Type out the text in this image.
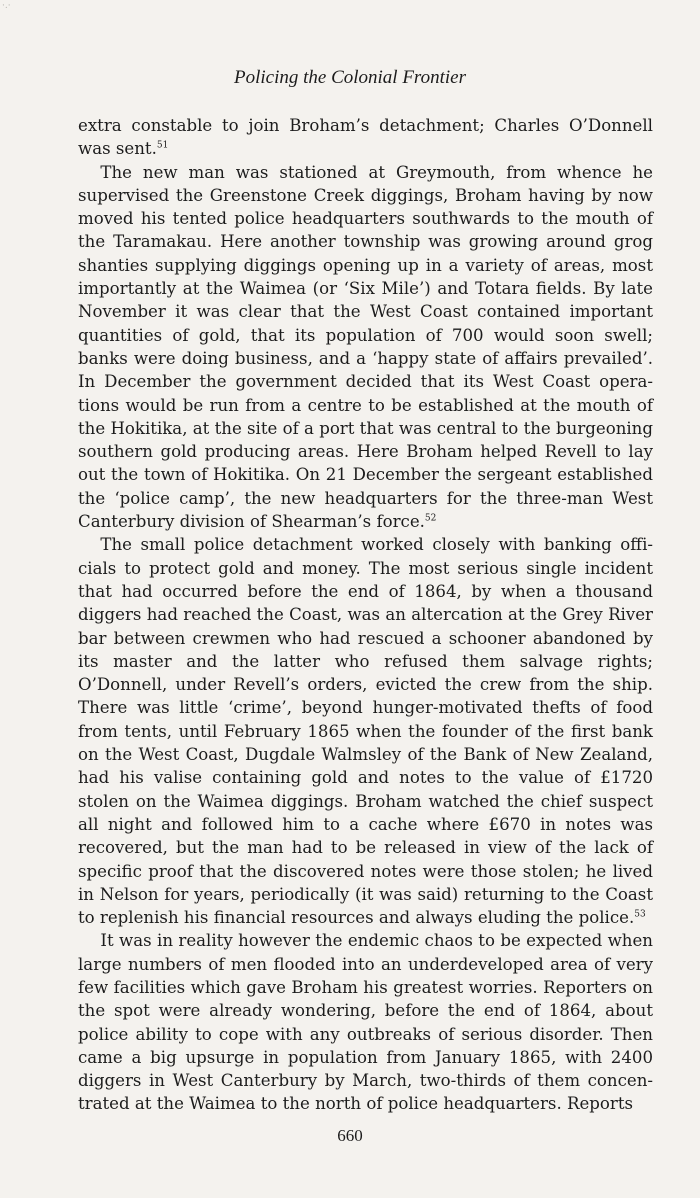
·.·
Policing the Colonial Frontier

extra constable to join Broham’s detachment; Charles O’Donnell was sent.$^{51}$

The new man was stationed at Greymouth, from whence he supervised the Greenstone Creek diggings, Broham having by now moved his tented police headquarters southwards to the mouth of the Taramakau. Here another township was growing around grog shanties supplying diggings opening up in a variety of areas, most importantly at the Waimea (or ‘Six Mile’) and Totara fields. By late November it was clear that the West Coast contained important quantities of gold, that its population of 700 would soon swell; banks were doing business, and a ‘happy state of affairs prevailed’. In December the government decided that its West Coast operations would be run from a centre to be established at the mouth of the Hokitika, at the site of a port that was central to the burgeoning southern gold producing areas. Here Broham helped Revell to lay out the town of Hokitika. On 21 December the sergeant established the ‘police camp’, the new headquarters for the three-man West Canterbury division of Shearman’s force.$^{52}$

The small police detachment worked closely with banking officials to protect gold and money. The most serious single incident that had occurred before the end of 1864, by when a thousand diggers had reached the Coast, was an altercation at the Grey River bar between crewmen who had rescued a schooner abandoned by its master and the latter who refused them salvage rights; O’Donnell, under Revell’s orders, evicted the crew from the ship. There was little ‘crime’, beyond hunger-motivated thefts of food from tents, until February 1865 when the founder of the first bank on the West Coast, Dugdale Walmsley of the Bank of New Zealand, had his valise containing gold and notes to the value of £1720 stolen on the Waimea diggings. Broham watched the chief suspect all night and followed him to a cache where £670 in notes was recovered, but the man had to be released in view of the lack of specific proof that the discovered notes were those stolen; he lived in Nelson for years, periodically (it was said) returning to the Coast to replenish his financial resources and always eluding the police.$^{53}$

It was in reality however the endemic chaos to be expected when large numbers of men flooded into an underdeveloped area of very few facilities which gave Broham his greatest worries. Reporters on the spot were already wondering, before the end of 1864, about police ability to cope with any outbreaks of serious disorder. Then came a big upsurge in population from January 1865, with 2400 diggers in West Canterbury by March, two-thirds of them concentrated at the Waimea to the north of police headquarters. Reports

660
